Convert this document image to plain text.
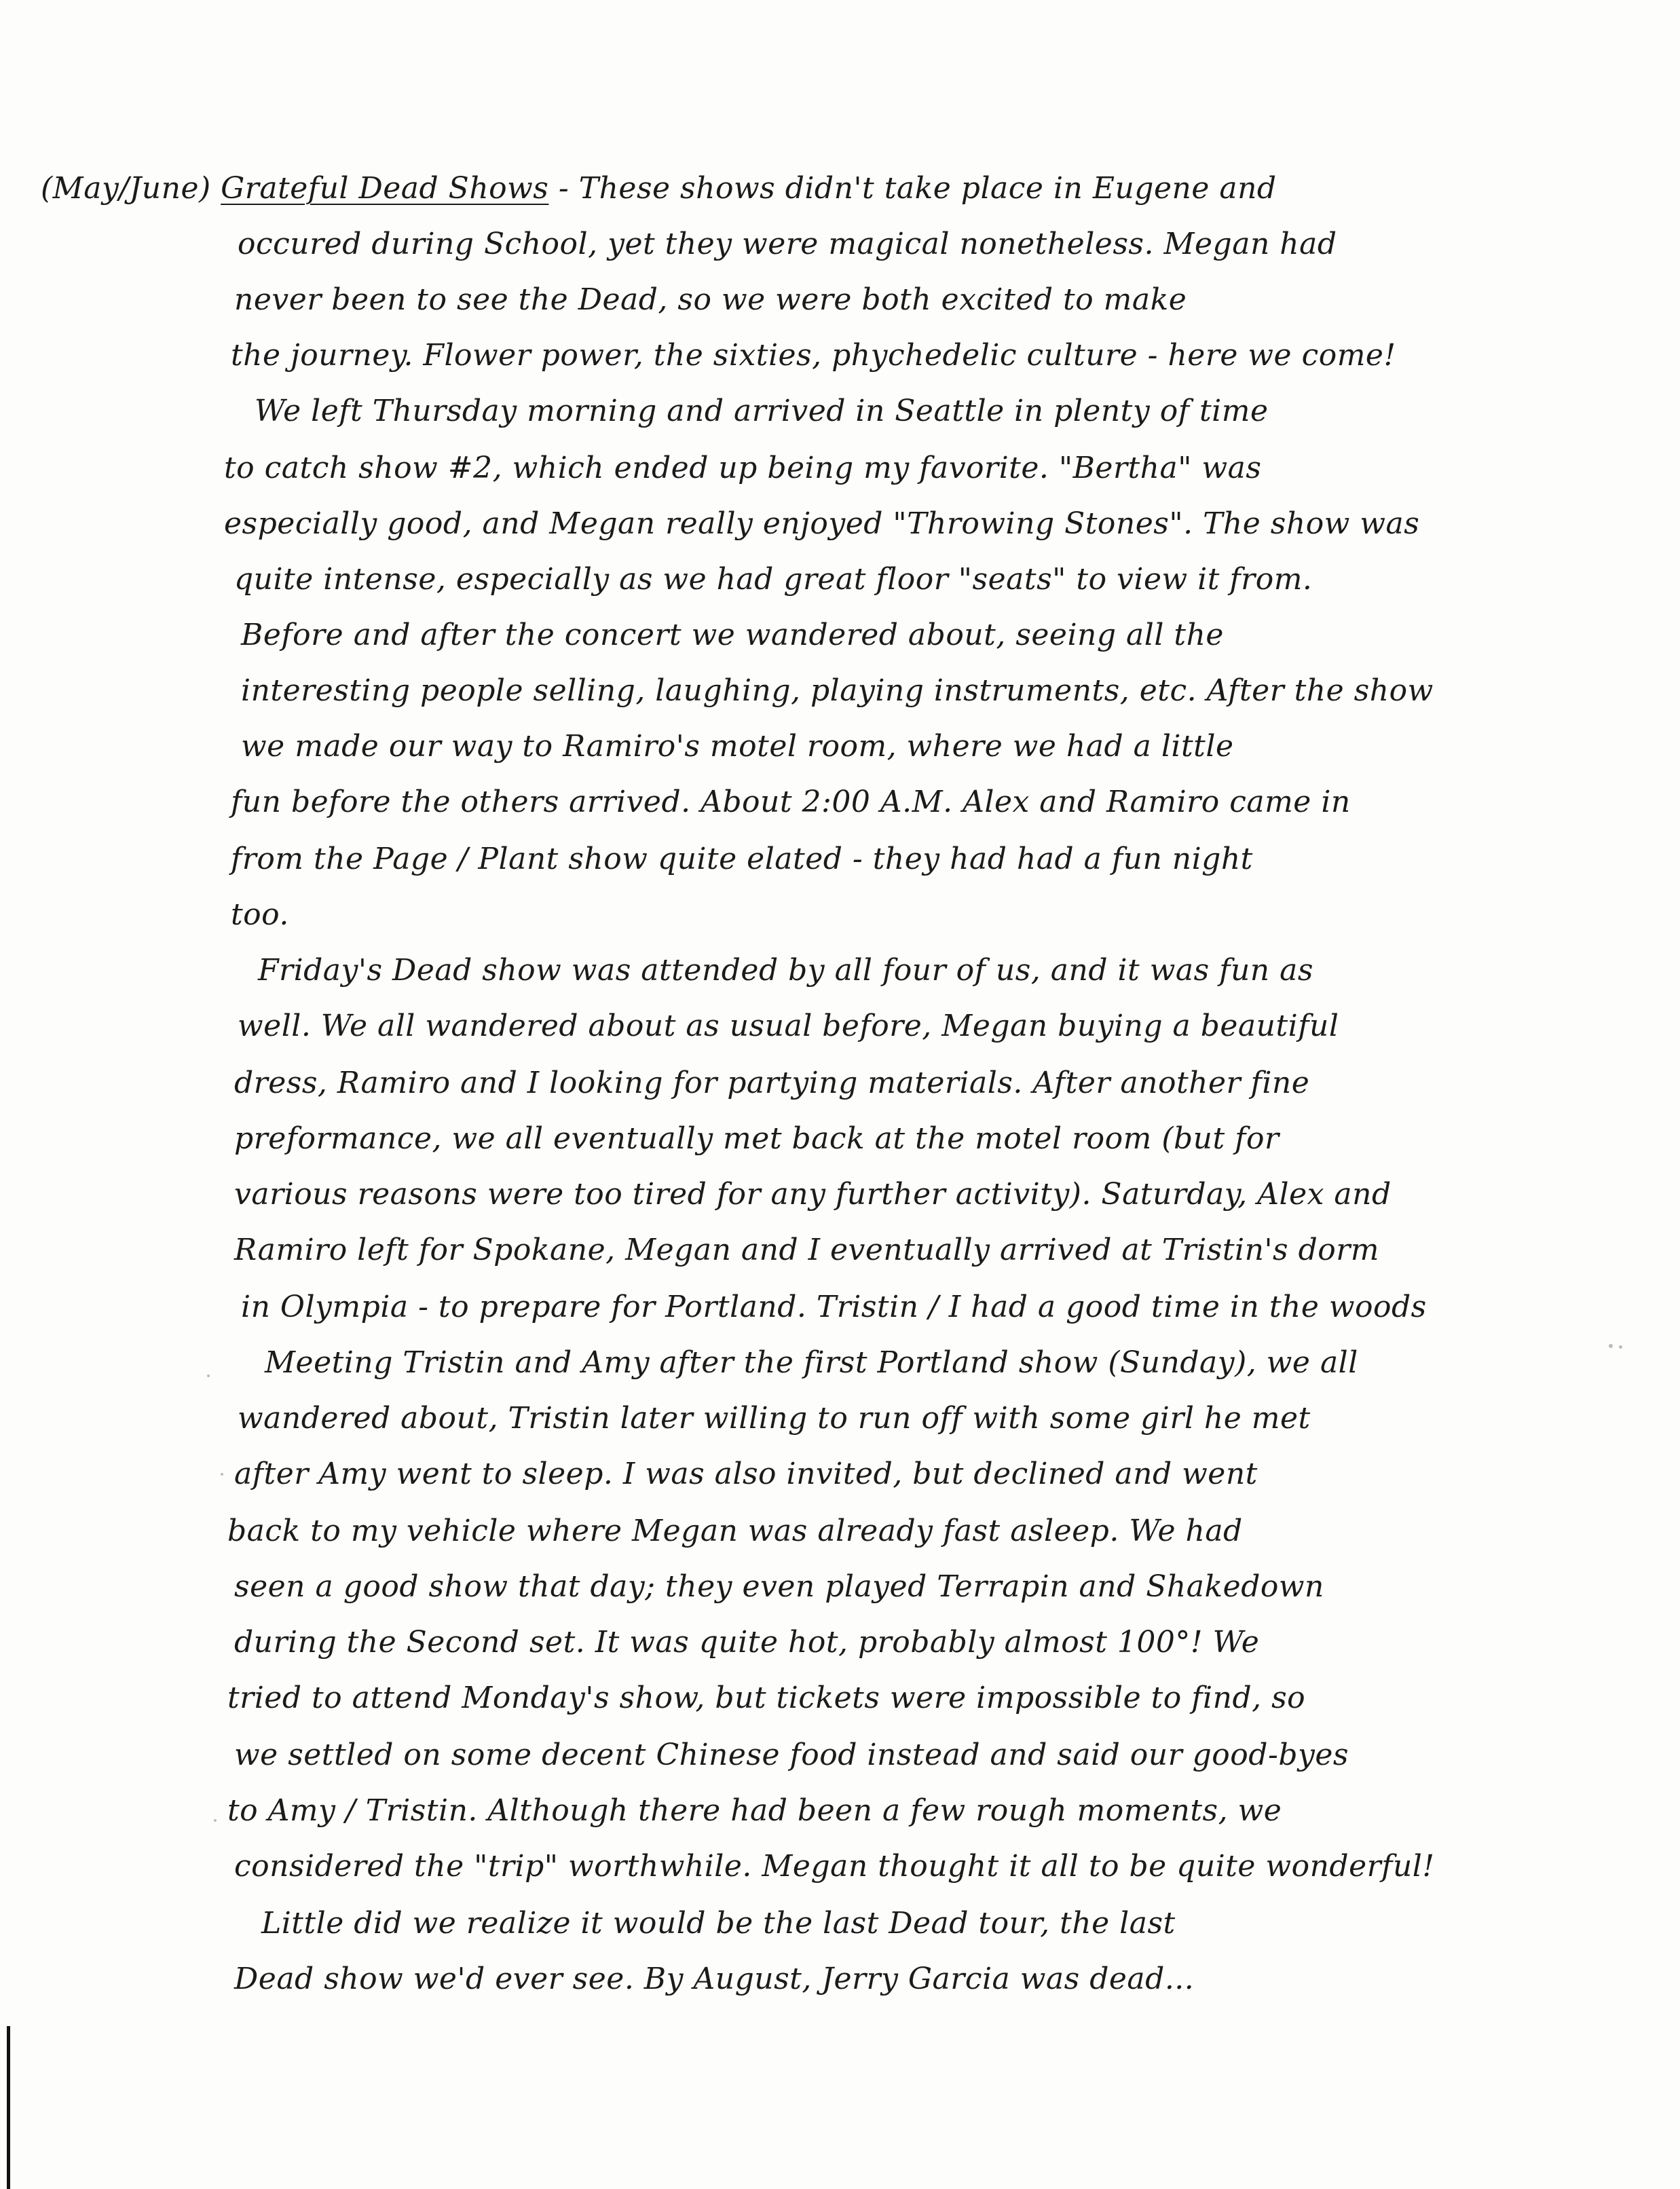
(May/June) Grateful Dead Shows - These shows didn't take place in Eugene and
occured during School, yet they were magical nonetheless. Megan had
never been to see the Dead, so we were both excited to make
the journey. Flower power, the sixties, phychedelic culture - here we come!
We left Thursday morning and arrived in Seattle in plenty of time
to catch show #2, which ended up being my favorite. "Bertha" was
especially good, and Megan really enjoyed "Throwing Stones". The show was
quite intense, especially as we had great floor "seats" to view it from.
Before and after the concert we wandered about, seeing all the
interesting people selling, laughing, playing instruments, etc. After the show
we made our way to Ramiro's motel room, where we had a little
fun before the others arrived. About 2:00 A.M. Alex and Ramiro came in
from the Page / Plant show quite elated - they had had a fun night
too.
Friday's Dead show was attended by all four of us, and it was fun as
well. We all wandered about as usual before, Megan buying a beautiful
dress, Ramiro and I looking for partying materials. After another fine
preformance, we all eventually met back at the motel room (but for
various reasons were too tired for any further activity). Saturday, Alex and
Ramiro left for Spokane, Megan and I eventually arrived at Tristin's dorm
in Olympia - to prepare for Portland. Tristin / I had a good time in the woods
Meeting Tristin and Amy after the first Portland show (Sunday), we all
wandered about, Tristin later willing to run off with some girl he met
after Amy went to sleep. I was also invited, but declined and went
back to my vehicle where Megan was already fast asleep. We had
seen a good show that day; they even played Terrapin and Shakedown
during the Second set. It was quite hot, probably almost 100°! We
tried to attend Monday's show, but tickets were impossible to find, so
we settled on some decent Chinese food instead and said our good-byes
to Amy / Tristin. Although there had been a few rough moments, we
considered the "trip" worthwhile. Megan thought it all to be quite wonderful!
Little did we realize it would be the last Dead tour, the last
Dead show we'd ever see. By August, Jerry Garcia was dead...
